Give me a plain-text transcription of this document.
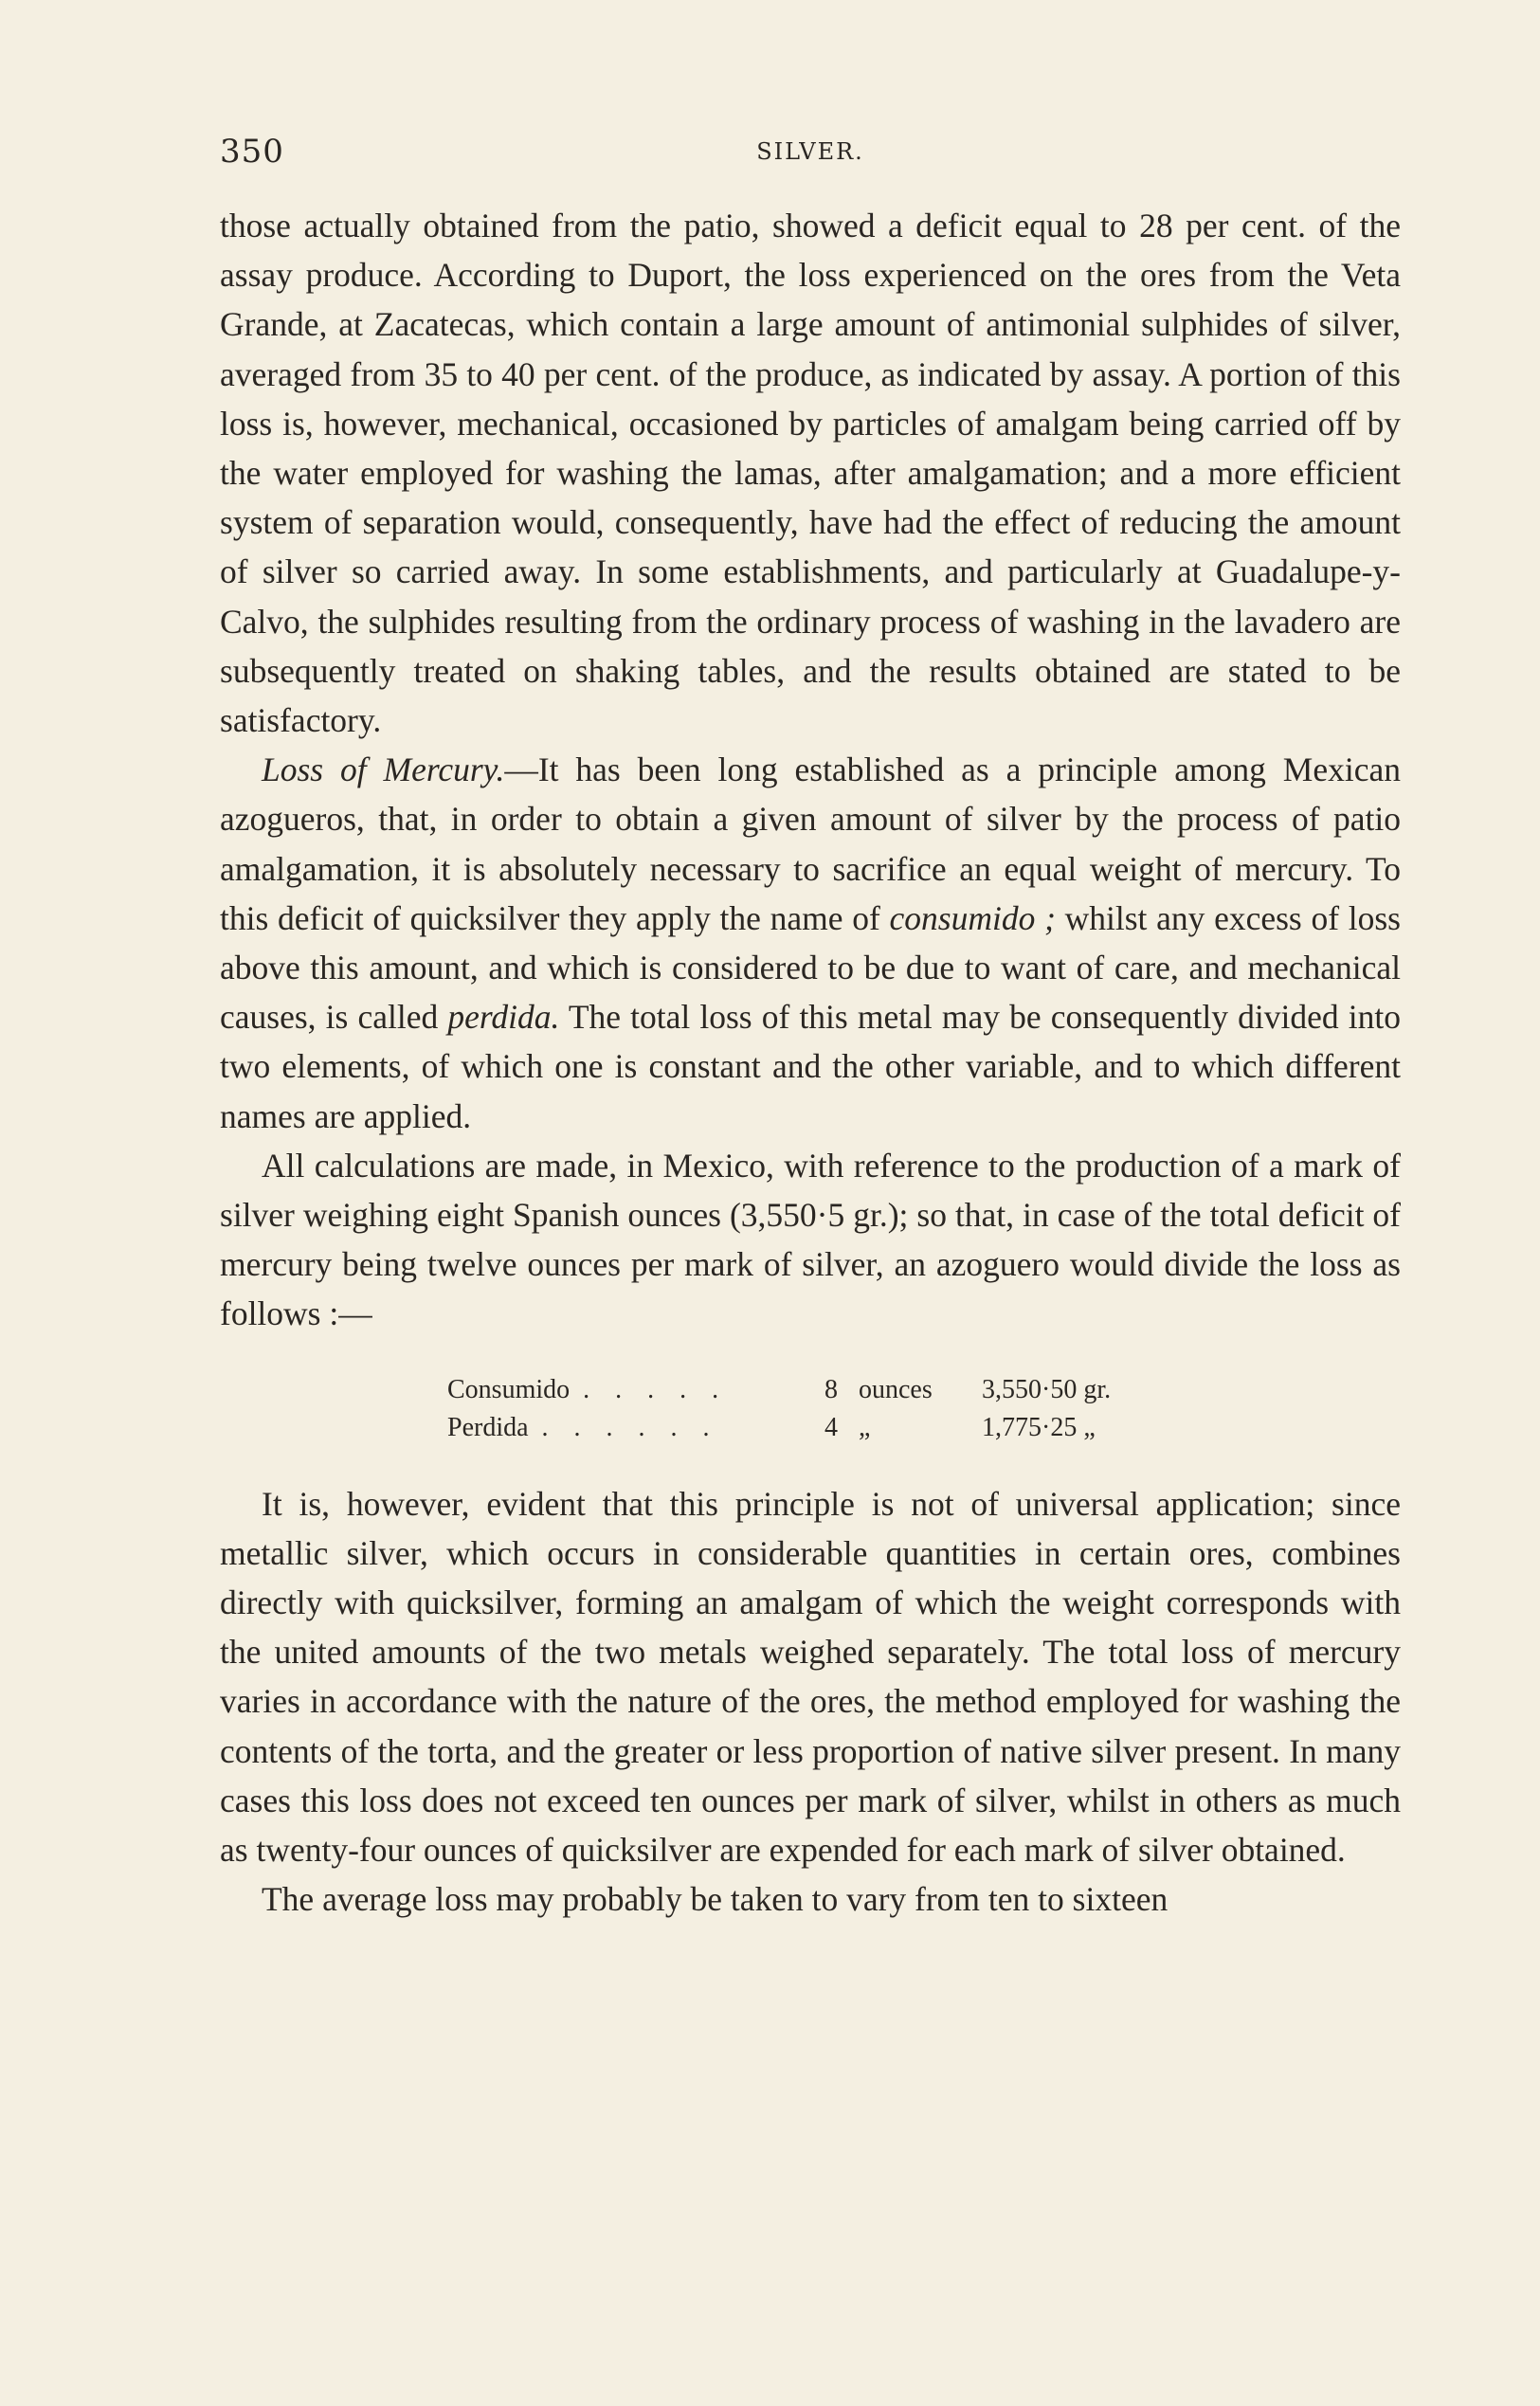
350	SILVER.

those actually obtained from the patio, showed a deficit equal to 28 per cent. of the assay produce. According to Duport, the loss experienced on the ores from the Veta Grande, at Zacatecas, which contain a large amount of antimonial sulphides of silver, averaged from 35 to 40 per cent. of the produce, as indicated by assay. A portion of this loss is, however, mechanical, occasioned by particles of amalgam being carried off by the water employed for washing the lamas, after amalgamation; and a more efficient system of separation would, consequently, have had the effect of reducing the amount of silver so carried away. In some establishments, and particularly at Guadalupe-y-Calvo, the sulphides resulting from the ordinary process of washing in the lavadero are subsequently treated on shaking tables, and the results obtained are stated to be satisfactory.

Loss of Mercury.—It has been long established as a principle among Mexican azogueros, that, in order to obtain a given amount of silver by the process of patio amalgamation, it is absolutely necessary to sacrifice an equal weight of mercury. To this deficit of quicksilver they apply the name of consumido ; whilst any excess of loss above this amount, and which is considered to be due to want of care, and mechanical causes, is called perdida. The total loss of this metal may be consequently divided into two elements, of which one is constant and the other variable, and to which different names are applied.

All calculations are made, in Mexico, with reference to the production of a mark of silver weighing eight Spanish ounces (3,550·5 gr.); so that, in case of the total deficit of mercury being twelve ounces per mark of silver, an azoguero would divide the loss as follows :—

Consumido . . . . .	8 ounces	3,550·50 gr.
Perdida . . . . . .	4 „	1,775·25 „

It is, however, evident that this principle is not of universal application; since metallic silver, which occurs in considerable quantities in certain ores, combines directly with quicksilver, forming an amalgam of which the weight corresponds with the united amounts of the two metals weighed separately. The total loss of mercury varies in accordance with the nature of the ores, the method employed for washing the contents of the torta, and the greater or less proportion of native silver present. In many cases this loss does not exceed ten ounces per mark of silver, whilst in others as much as twenty-four ounces of quicksilver are expended for each mark of silver obtained.

The average loss may probably be taken to vary from ten to sixteen
